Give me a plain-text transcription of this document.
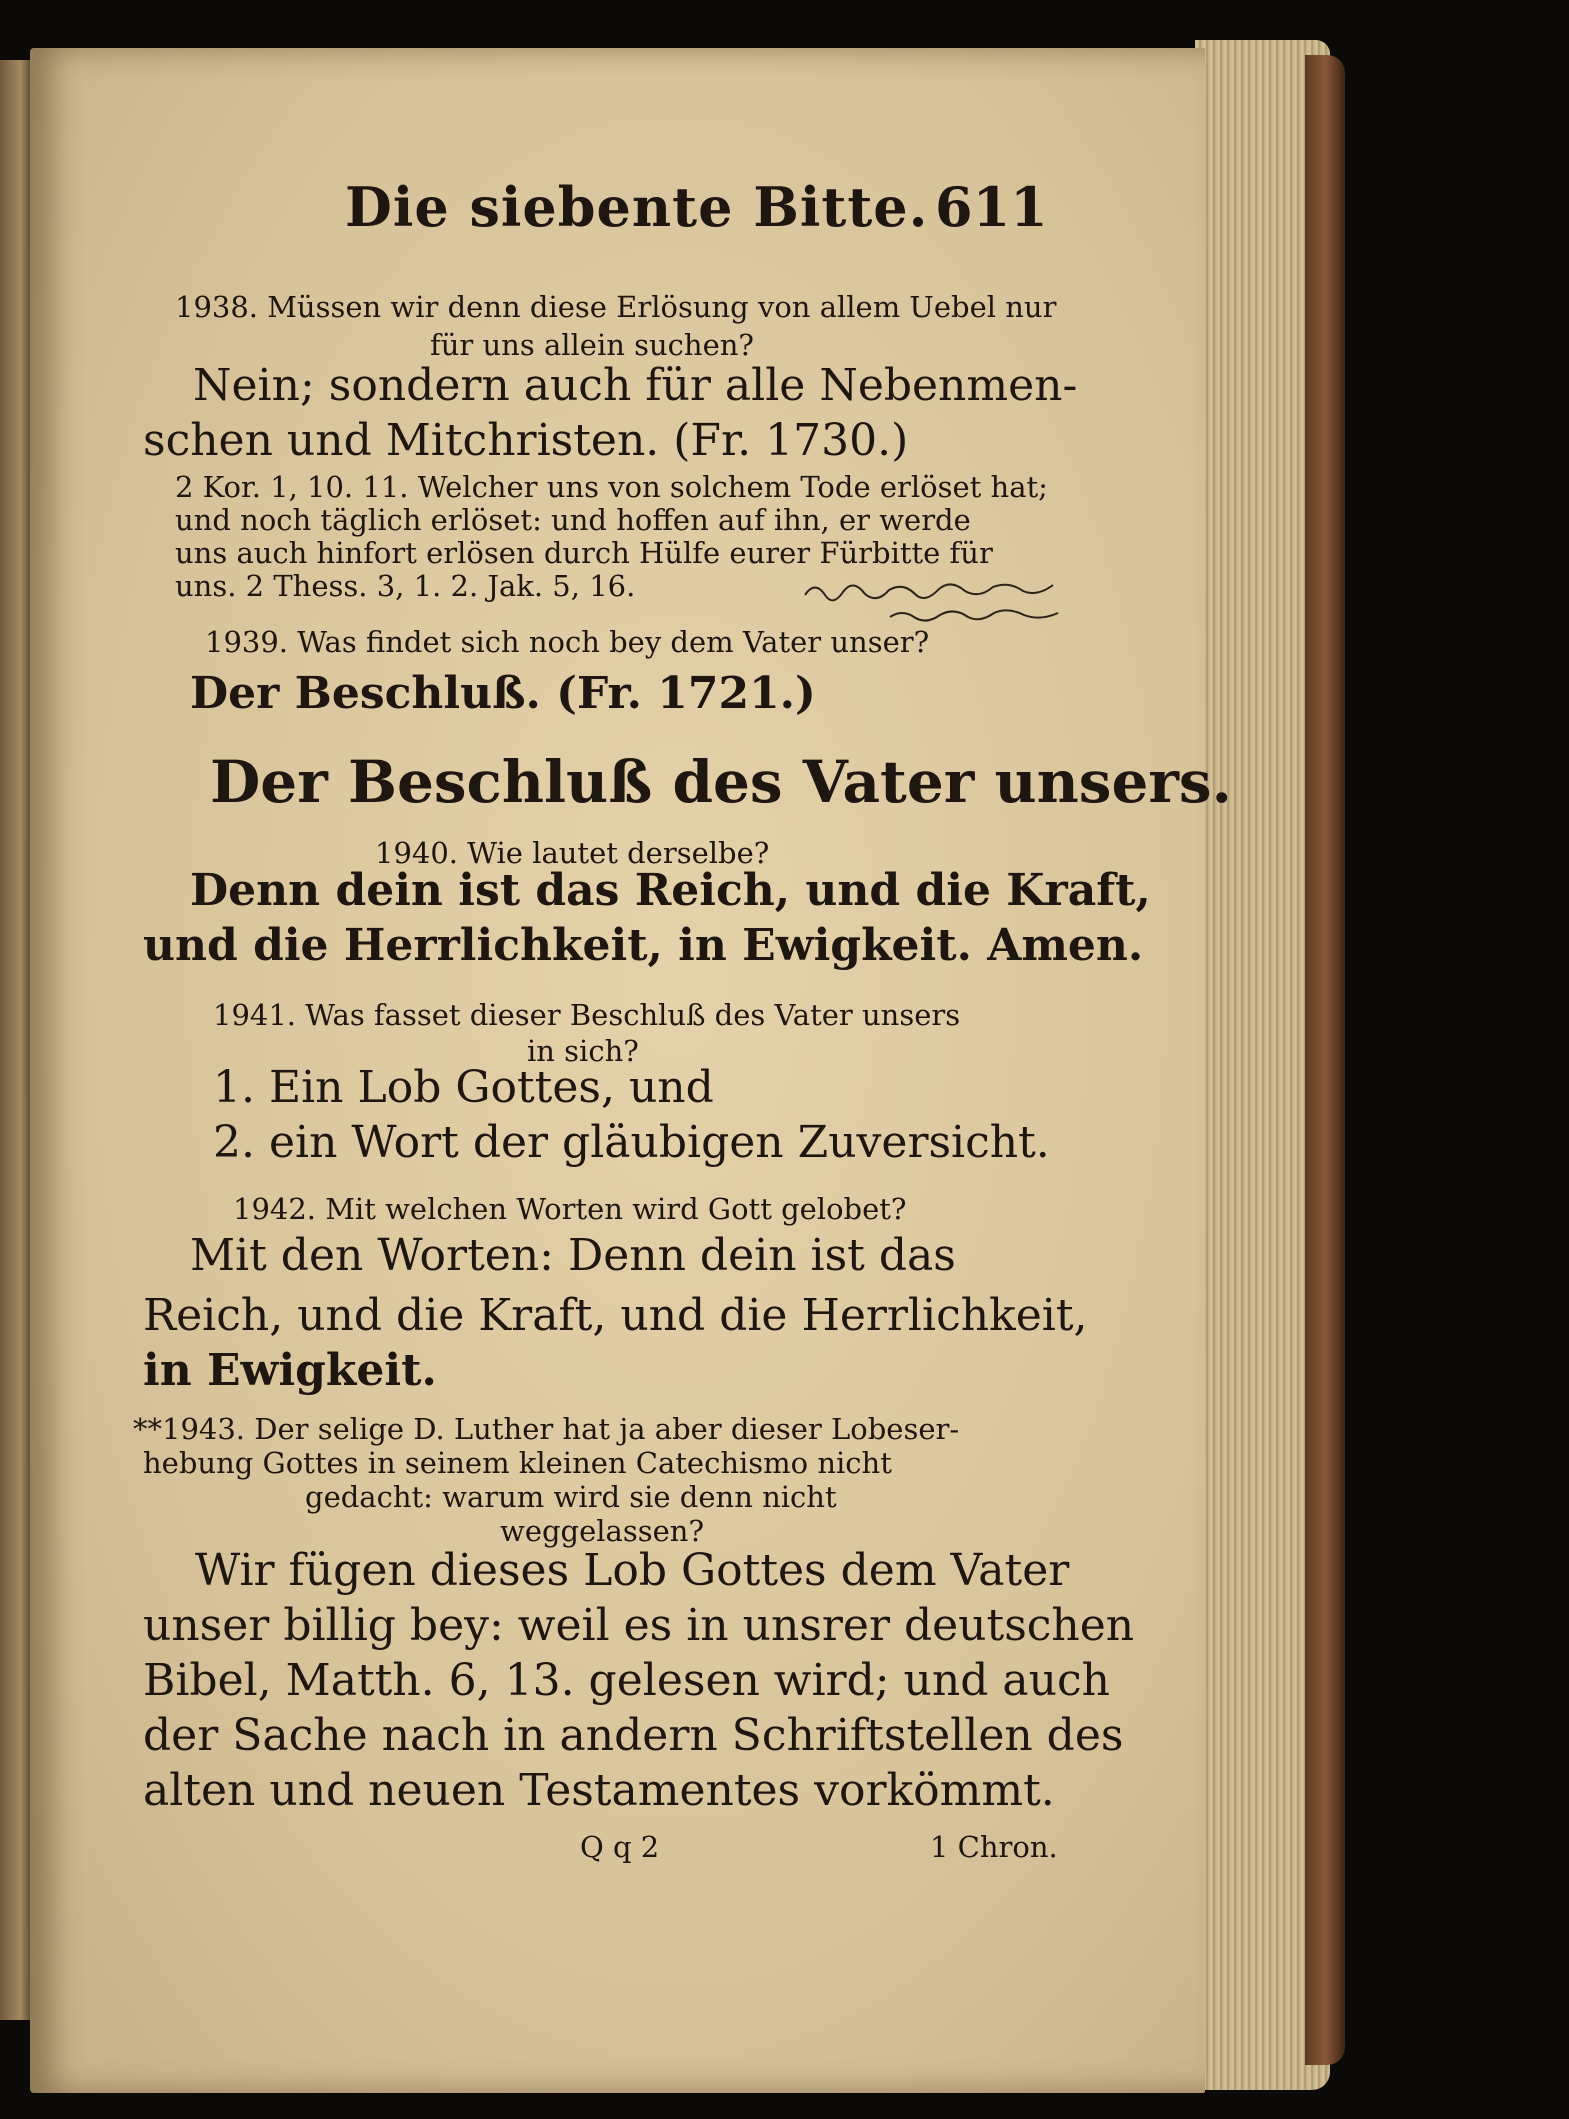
Die siebente Bitte. 611
1938. Müssen wir denn diese Erlösung von allem Uebel nur
für uns allein suchen?
Nein; sondern auch für alle Nebenmen-
schen und Mitchristen. (Fr. 1730.)
2 Kor. 1, 10. 11. Welcher uns von solchem Tode erlöset hat;
und noch täglich erlöset: und hoffen auf ihn, er werde
uns auch hinfort erlösen durch Hülfe eurer Fürbitte für
uns. 2 Thess. 3, 1. 2. Jak. 5, 16.
1939. Was findet sich noch bey dem Vater unser?
Der Beschluß. (Fr. 1721.)
Der Beschluß des Vater unsers.
1940. Wie lautet derselbe?
Denn dein ist das Reich, und die Kraft,
und die Herrlichkeit, in Ewigkeit. Amen.
1941. Was fasset dieser Beschluß des Vater unsers
in sich?
1. Ein Lob Gottes, und
2. ein Wort der gläubigen Zuversicht.
1942. Mit welchen Worten wird Gott gelobet?
Mit den Worten: Denn dein ist das
Reich, und die Kraft, und die Herrlichkeit,
in Ewigkeit.
**1943. Der selige D. Luther hat ja aber dieser Lobeser-
hebung Gottes in seinem kleinen Catechismo nicht
gedacht: warum wird sie denn nicht
weggelassen?
Wir fügen dieses Lob Gottes dem Vater
unser billig bey: weil es in unsrer deutschen
Bibel, Matth. 6, 13. gelesen wird; und auch
der Sache nach in andern Schriftstellen des
alten und neuen Testamentes vorkömmt.
Q q 2	1 Chron.
